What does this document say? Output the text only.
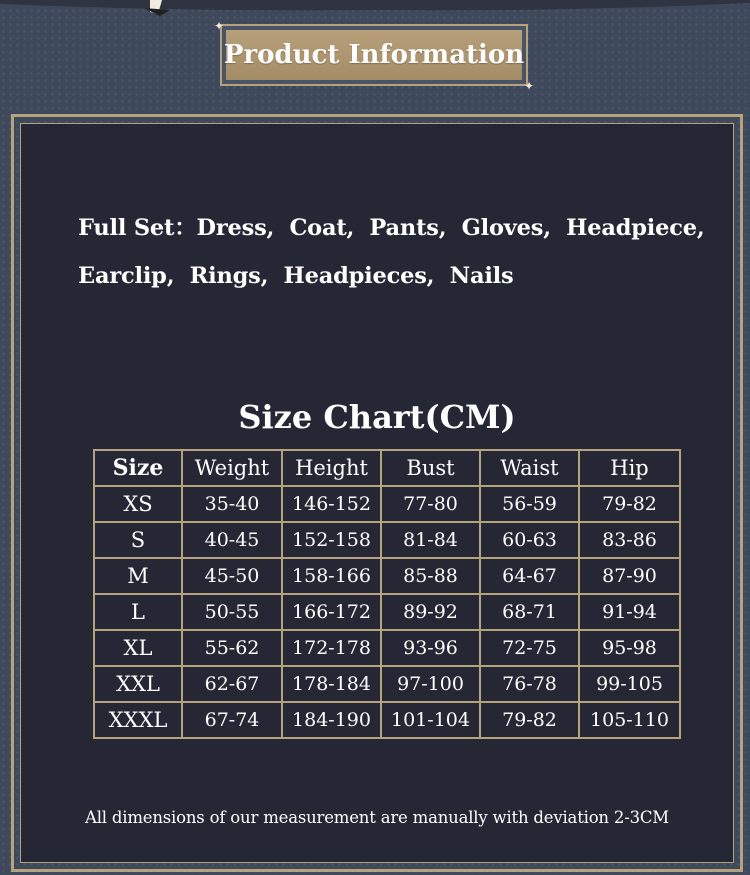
Product Information
✦
✦
Full Set：Dress,  Coat,  Pants,  Gloves,  Headpiece,
Earclip,  Rings,  Headpieces,  Nails
Size Chart(CM)
Size	Weight	Height	Bust	Waist	Hip
XS	35-40	146-152	77-80	56-59	79-82
S	40-45	152-158	81-84	60-63	83-86
M	45-50	158-166	85-88	64-67	87-90
L	50-55	166-172	89-92	68-71	91-94
XL	55-62	172-178	93-96	72-75	95-98
XXL	62-67	178-184	97-100	76-78	99-105
XXXL	67-74	184-190	101-104	79-82	105-110
All dimensions of our measurement are manually with deviation 2-3CM
